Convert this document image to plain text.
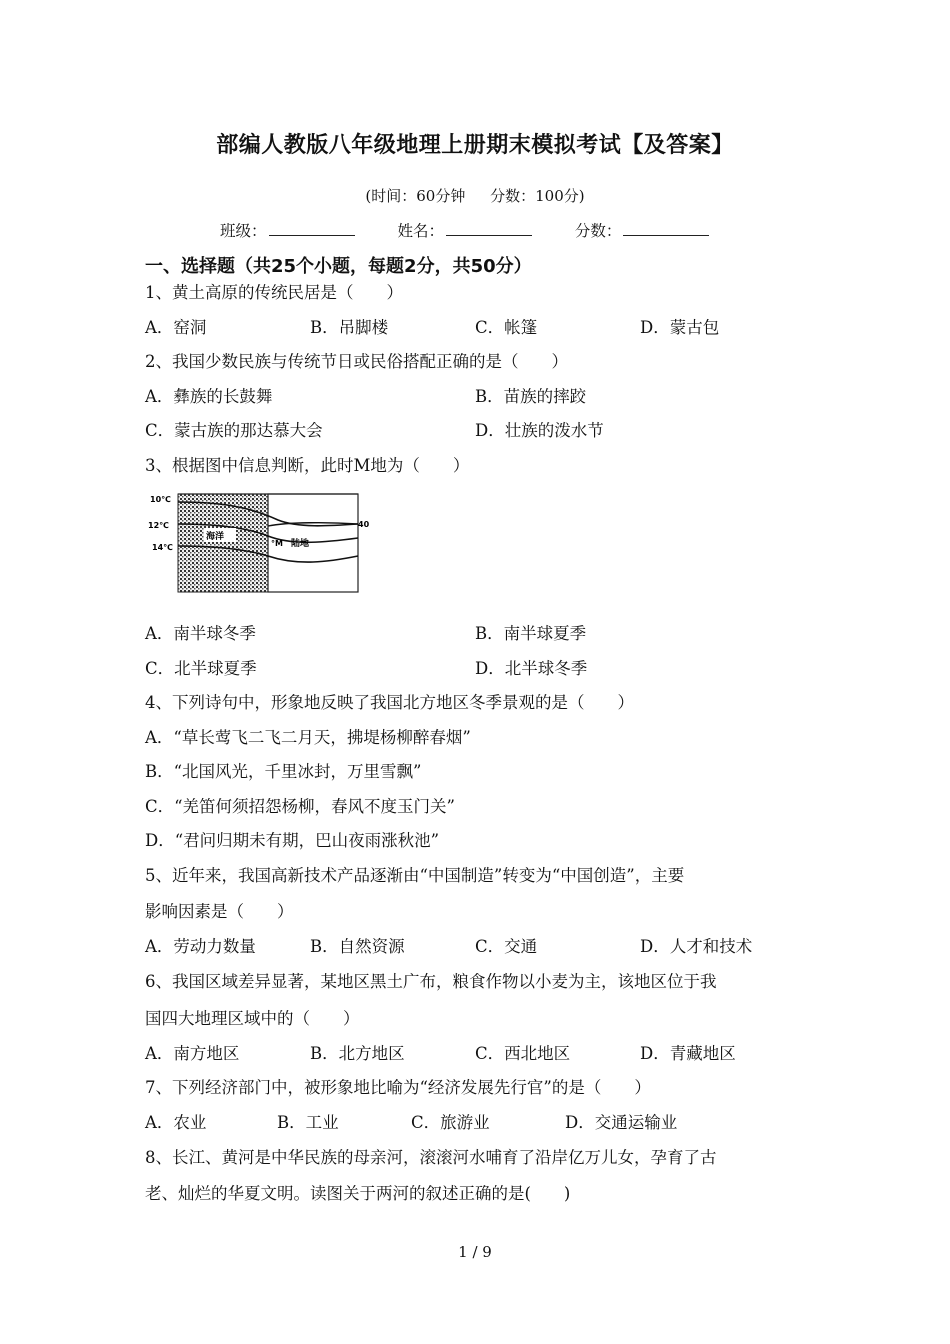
部编人教版八年级地理上册期末模拟考试【及答案】
(时间：60分钟 分数：100分)
班级：	姓名：	分数：
一、选择题（共25个小题，每题2分，共50分）
1、黄土高原的传统民居是（　　）
A．窑洞	B．吊脚楼	C．帐篷	D．蒙古包
2、我国少数民族与传统节日或民俗搭配正确的是（　　）
A．彝族的长鼓舞	B．苗族的摔跤
C．蒙古族的那达慕大会	D．壮族的泼水节
3、根据图中信息判断，此时M地为（　　）
10℃
12℃
14℃
40
海洋
°M 陆地
A．南半球冬季	B．南半球夏季
C．北半球夏季	D．北半球冬季
4、下列诗句中，形象地反映了我国北方地区冬季景观的是（　　）
A．“草长莺飞二飞二月天，拂堤杨柳醉春烟”
B．“北国风光，千里冰封，万里雪飘”
C．“羌笛何须招怨杨柳，春风不度玉门关”
D．“君问归期未有期，巴山夜雨涨秋池”
5、近年来，我国高新技术产品逐渐由“中国制造”转变为“中国创造”，主要
影响因素是（　　）
A．劳动力数量	B．自然资源	C．交通	D．人才和技术
6、我国区域差异显著，某地区黑土广布，粮食作物以小麦为主，该地区位于我
国四大地理区域中的（　　）
A．南方地区	B．北方地区	C．西北地区	D．青藏地区
7、下列经济部门中，被形象地比喻为“经济发展先行官”的是（　　）
A．农业	B．工业	C．旅游业	D．交通运输业
8、长江、黄河是中华民族的母亲河，滚滚河水哺育了沿岸亿万儿女，孕育了古
老、灿烂的华夏文明。读图关于两河的叙述正确的是(　　)
1 / 9
